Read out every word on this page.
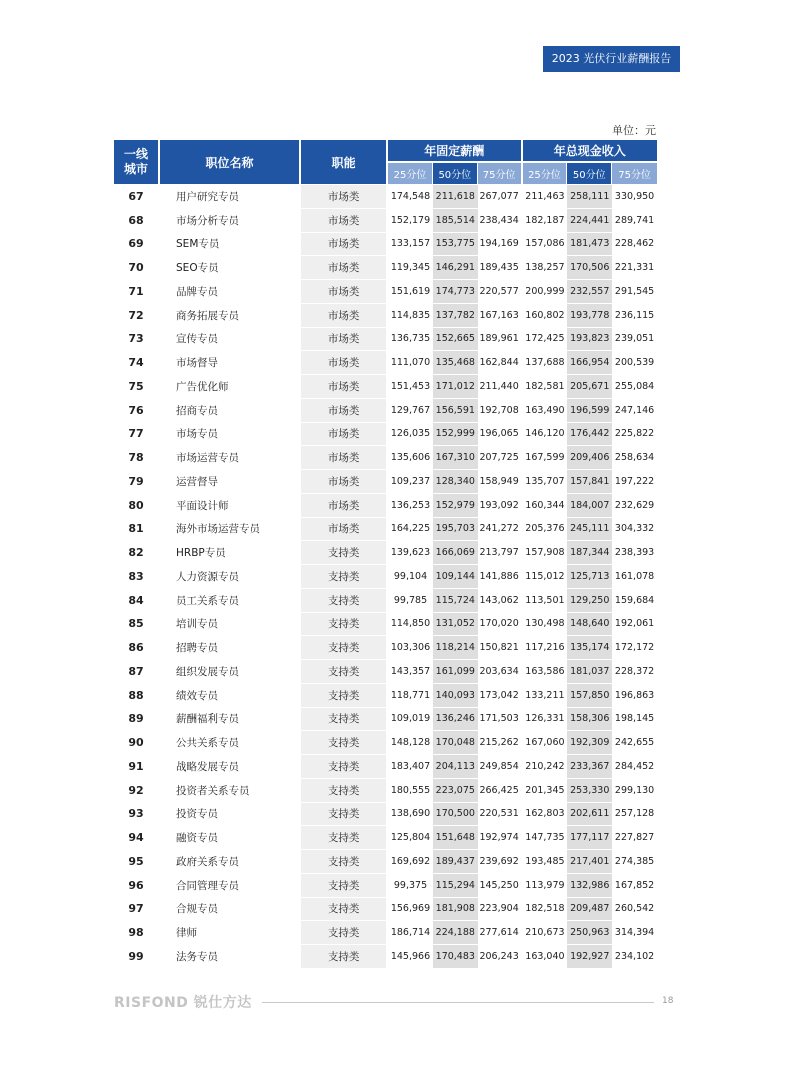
2023 光伏行业薪酬报告
单位：元
一线
城市	职位名称	职能	年固定薪酬			年总现金收入		
			25分位	50分位	75分位	25分位	50分位	75分位
67	用户研究专员	市场类	174,548	211,618	267,077	211,463	258,111	330,950
68	市场分析专员	市场类	152,179	185,514	238,434	182,187	224,441	289,741
69	SEM专员	市场类	133,157	153,775	194,169	157,086	181,473	228,462
70	SEO专员	市场类	119,345	146,291	189,435	138,257	170,506	221,331
71	品牌专员	市场类	151,619	174,773	220,577	200,999	232,557	291,545
72	商务拓展专员	市场类	114,835	137,782	167,163	160,802	193,778	236,115
73	宣传专员	市场类	136,735	152,665	189,961	172,425	193,823	239,051
74	市场督导	市场类	111,070	135,468	162,844	137,688	166,954	200,539
75	广告优化师	市场类	151,453	171,012	211,440	182,581	205,671	255,084
76	招商专员	市场类	129,767	156,591	192,708	163,490	196,599	247,146
77	市场专员	市场类	126,035	152,999	196,065	146,120	176,442	225,822
78	市场运营专员	市场类	135,606	167,310	207,725	167,599	209,406	258,634
79	运营督导	市场类	109,237	128,340	158,949	135,707	157,841	197,222
80	平面设计师	市场类	136,253	152,979	193,092	160,344	184,007	232,629
81	海外市场运营专员	市场类	164,225	195,703	241,272	205,376	245,111	304,332
82	HRBP专员	支持类	139,623	166,069	213,797	157,908	187,344	238,393
83	人力资源专员	支持类	99,104	109,144	141,886	115,012	125,713	161,078
84	员工关系专员	支持类	99,785	115,724	143,062	113,501	129,250	159,684
85	培训专员	支持类	114,850	131,052	170,020	130,498	148,640	192,061
86	招聘专员	支持类	103,306	118,214	150,821	117,216	135,174	172,172
87	组织发展专员	支持类	143,357	161,099	203,634	163,586	181,037	228,372
88	绩效专员	支持类	118,771	140,093	173,042	133,211	157,850	196,863
89	薪酬福利专员	支持类	109,019	136,246	171,503	126,331	158,306	198,145
90	公共关系专员	支持类	148,128	170,048	215,262	167,060	192,309	242,655
91	战略发展专员	支持类	183,407	204,113	249,854	210,242	233,367	284,452
92	投资者关系专员	支持类	180,555	223,075	266,425	201,345	253,330	299,130
93	投资专员	支持类	138,690	170,500	220,531	162,803	202,611	257,128
94	融资专员	支持类	125,804	151,648	192,974	147,735	177,117	227,827
95	政府关系专员	支持类	169,692	189,437	239,692	193,485	217,401	274,385
96	合同管理专员	支持类	99,375	115,294	145,250	113,979	132,986	167,852
97	合规专员	支持类	156,969	181,908	223,904	182,518	209,487	260,542
98	律师	支持类	186,714	224,188	277,614	210,673	250,963	314,394
99	法务专员	支持类	145,966	170,483	206,243	163,040	192,927	234,102
RISFOND 锐仕方达	18
